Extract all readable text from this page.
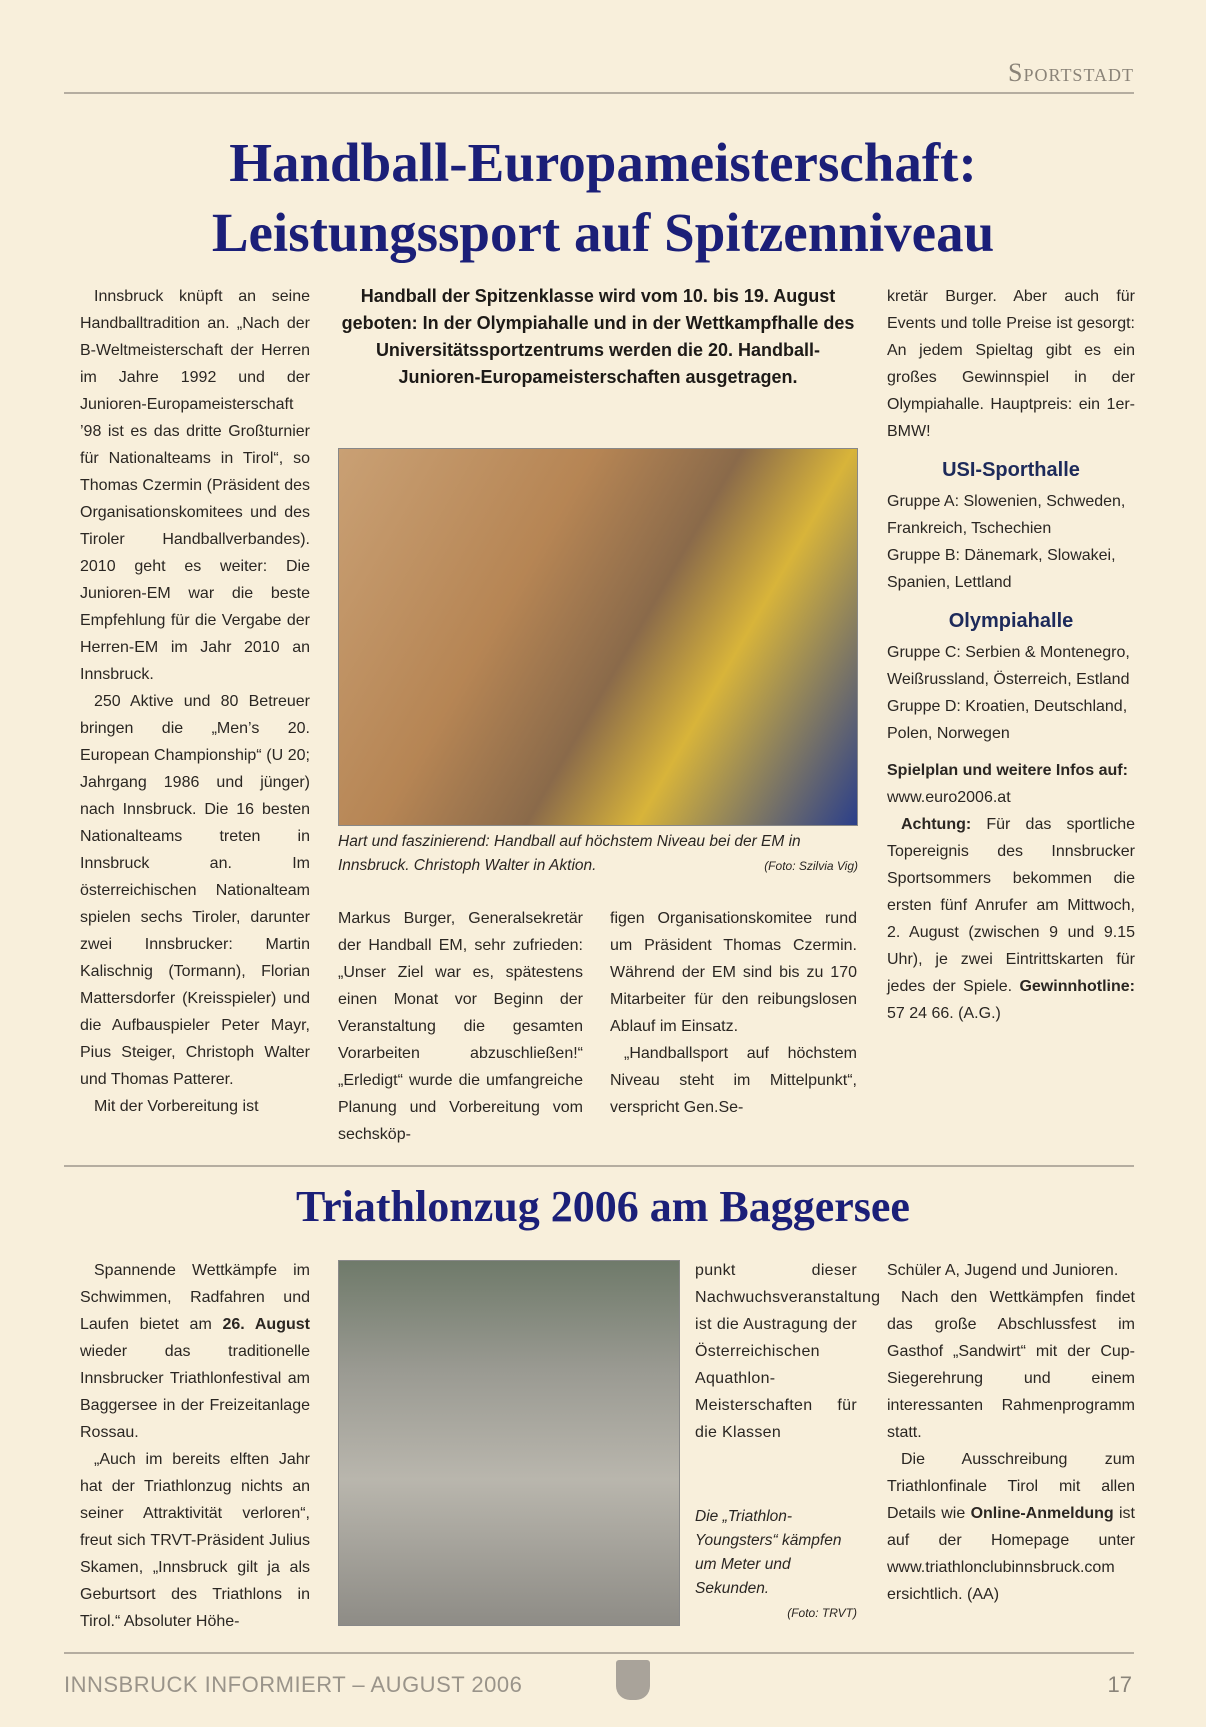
Sportstadt
Handball-Europameisterschaft:
Leistungssport auf Spitzenniveau

Innsbruck knüpft an seine Handballtradition an. „Nach der B-Weltmeisterschaft der Herren im Jahre 1992 und der Junioren-Europameisterschaft ’98 ist es das dritte Großturnier für Nationalteams in Tirol“, so Thomas Czermin (Präsident des Organisationskomitees und des Tiroler Handballverbandes). 2010 geht es weiter: Die Junioren-EM war die beste Empfehlung für die Vergabe der Herren-EM im Jahr 2010 an Innsbruck.

250 Aktive und 80 Betreuer bringen die „Men’s 20. European Championship“ (U 20; Jahrgang 1986 und jünger) nach Innsbruck. Die 16 besten Nationalteams treten in Innsbruck an. Im österreichischen Nationalteam spielen sechs Tiroler, darunter zwei Innsbrucker: Martin Kalischnig (Tormann), Florian Mattersdorfer (Kreisspieler) und die Aufbauspieler Peter Mayr, Pius Steiger, Christoph Walter und Thomas Patterer.

Mit der Vorbereitung ist

Handball der Spitzenklasse wird vom 10. bis 19. August geboten: In der Olympiahalle und in der Wettkampfhalle des Universitätssportzentrums werden die 20. Handball-Junioren-Europameisterschaften ausgetragen.
Hart und faszinierend: Handball auf höchstem Niveau bei der EM in Innsbruck. Christoph Walter in Aktion.	(Foto: Szilvia Vig)

Markus Burger, Generalsekretär der Handball EM, sehr zufrieden: „Unser Ziel war es, spätestens einen Monat vor Beginn der Veranstaltung die gesamten Vorarbeiten abzuschließen!“ „Erledigt“ wurde die umfangreiche Planung und Vorbereitung vom sechsköp-

figen Organisationskomitee rund um Präsident Thomas Czermin. Während der EM sind bis zu 170 Mitarbeiter für den reibungslosen Ablauf im Einsatz.

„Handballsport auf höchstem Niveau steht im Mittelpunkt“, verspricht Gen.Se-

kretär Burger. Aber auch für Events und tolle Preise ist gesorgt: An jedem Spieltag gibt es ein großes Gewinnspiel in der Olympiahalle. Hauptpreis: ein 1er-BMW!

USI-Sporthalle

Gruppe A: Slowenien, Schweden, Frankreich, Tschechien
Gruppe B: Dänemark, Slowakei, Spanien, Lettland

Olympiahalle

Gruppe C: Serbien & Montenegro, Weißrussland, Österreich, Estland
Gruppe D: Kroatien, Deutschland, Polen, Norwegen

Spielplan und weitere Infos auf: www.euro2006.at

Achtung: Für das sportliche Topereignis des Innsbrucker Sportsommers bekommen die ersten fünf Anrufer am Mittwoch, 2. August (zwischen 9 und 9.15 Uhr), je zwei Eintrittskarten für jedes der Spiele. Gewinnhotline: 57 24 66. (A.G.)

Triathlonzug 2006 am Baggersee

Spannende Wettkämpfe im Schwimmen, Radfahren und Laufen bietet am 26. August wieder das traditionelle Innsbrucker Triathlonfestival am Baggersee in der Freizeitanlage Rossau.

„Auch im bereits elften Jahr hat der Triathlonzug nichts an seiner Attraktivität verloren“, freut sich TRVT-Präsident Julius Skamen, „Innsbruck gilt ja als Geburtsort des Triathlons in Tirol.“ Absoluter Höhe-

punkt dieser Nachwuchsveranstaltung ist die Austragung der Österreichischen Aquathlon-Meisterschaften für die Klassen

Die „Triathlon-Youngsters“ kämpfen um Meter und Sekunden.
(Foto: TRVT)

Schüler A, Jugend und Junioren.

Nach den Wettkämpfen findet das große Abschlussfest im Gasthof „Sandwirt“ mit der Cup-Siegerehrung und einem interessanten Rahmenprogramm statt.

Die Ausschreibung zum Triathlonfinale Tirol mit allen Details wie Online-Anmeldung ist auf der Homepage unter www.triathlonclubinnsbruck.com ersichtlich. (AA)

INNSBRUCK INFORMIERT – AUGUST 2006	17
